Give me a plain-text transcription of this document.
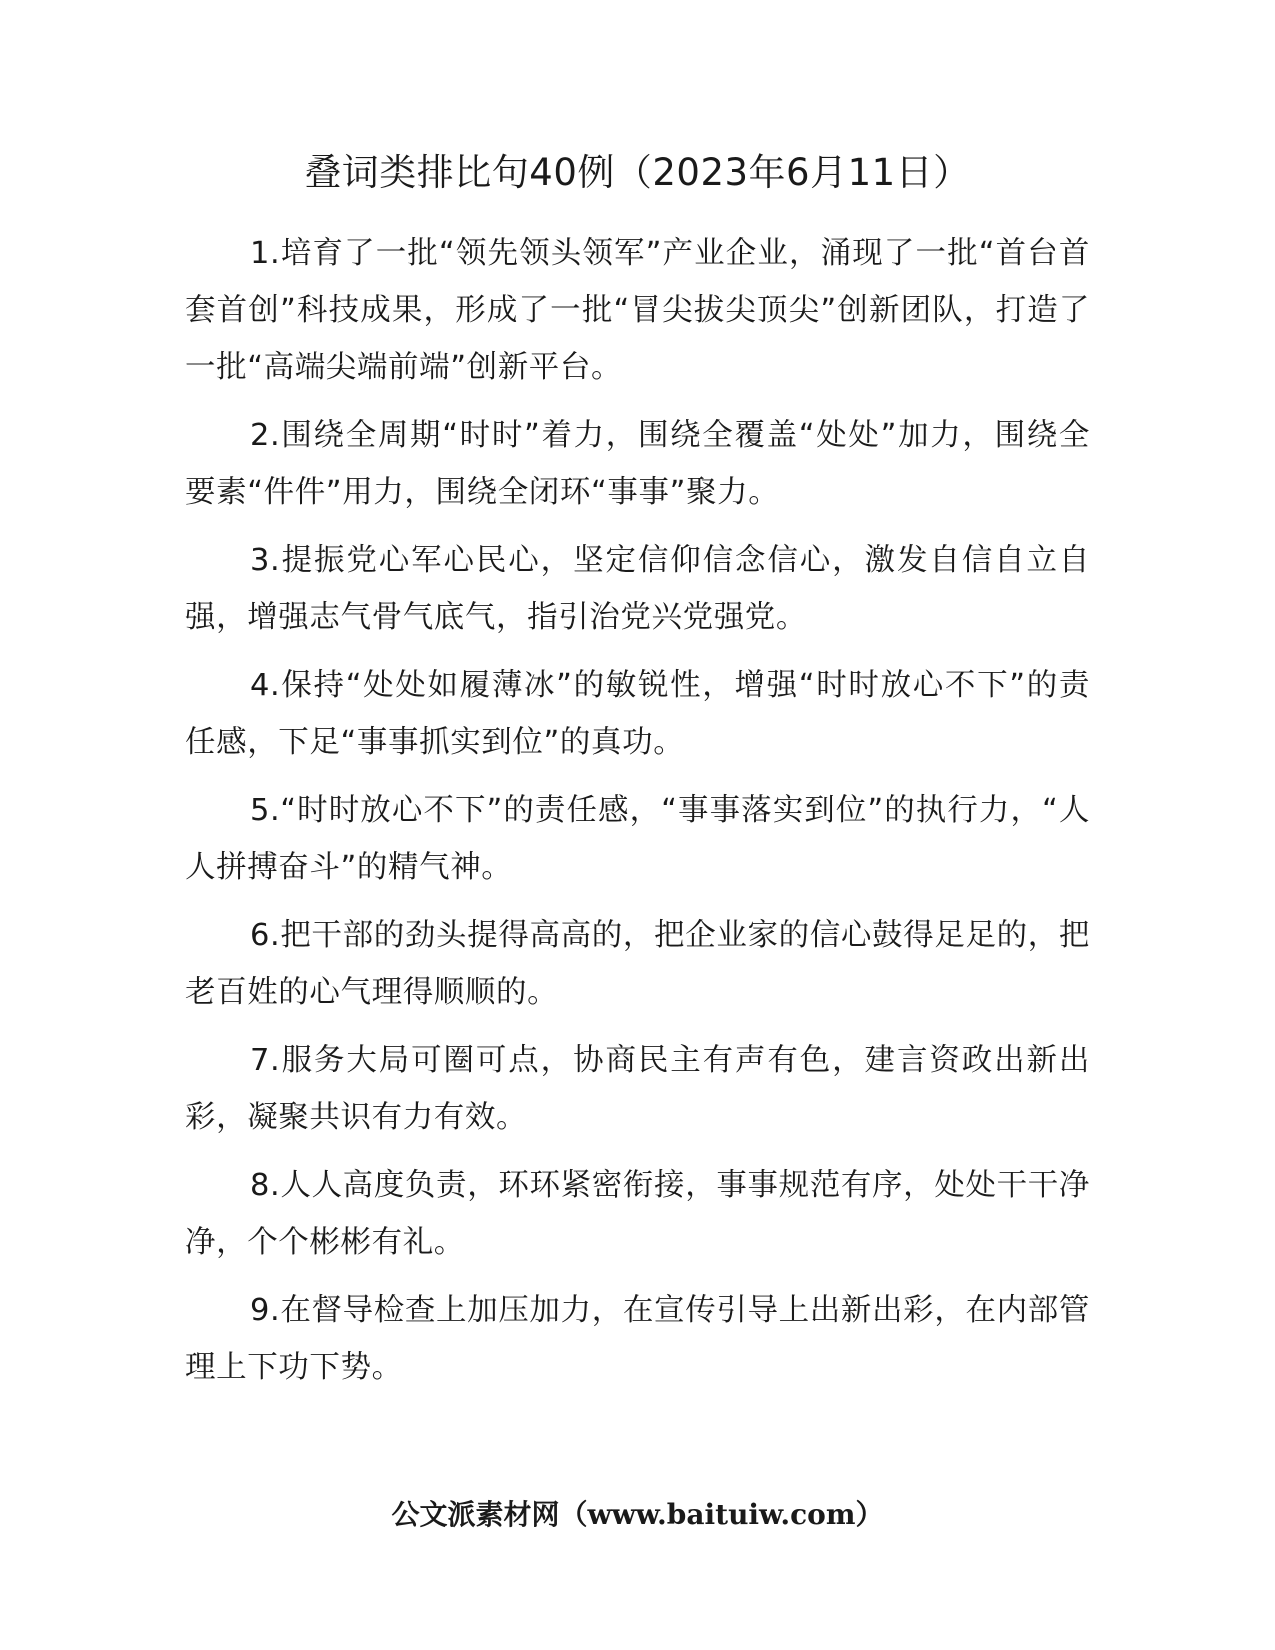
叠词类排比句40例（2023年6月11日）

1.培育了一批“领先领头领军”产业企业，涌现了一批“首台首套首创”科技成果，形成了一批“冒尖拔尖顶尖”创新团队，打造了一批“高端尖端前端”创新平台。

2.围绕全周期“时时”着力，围绕全覆盖“处处”加力，围绕全要素“件件”用力，围绕全闭环“事事”聚力。

3.提振党心军心民心，坚定信仰信念信心，激发自信自立自强，增强志气骨气底气，指引治党兴党强党。

4.保持“处处如履薄冰”的敏锐性，增强“时时放心不下”的责任感，下足“事事抓实到位”的真功。

5.“时时放心不下”的责任感，“事事落实到位”的执行力，“人人拼搏奋斗”的精气神。

6.把干部的劲头提得高高的，把企业家的信心鼓得足足的，把老百姓的心气理得顺顺的。

7.服务大局可圈可点，协商民主有声有色，建言资政出新出彩，凝聚共识有力有效。

8.人人高度负责，环环紧密衔接，事事规范有序，处处干干净净，个个彬彬有礼。

9.在督导检查上加压加力，在宣传引导上出新出彩，在内部管理上下功下势。

公文派素材网（www.baituiw.com）
